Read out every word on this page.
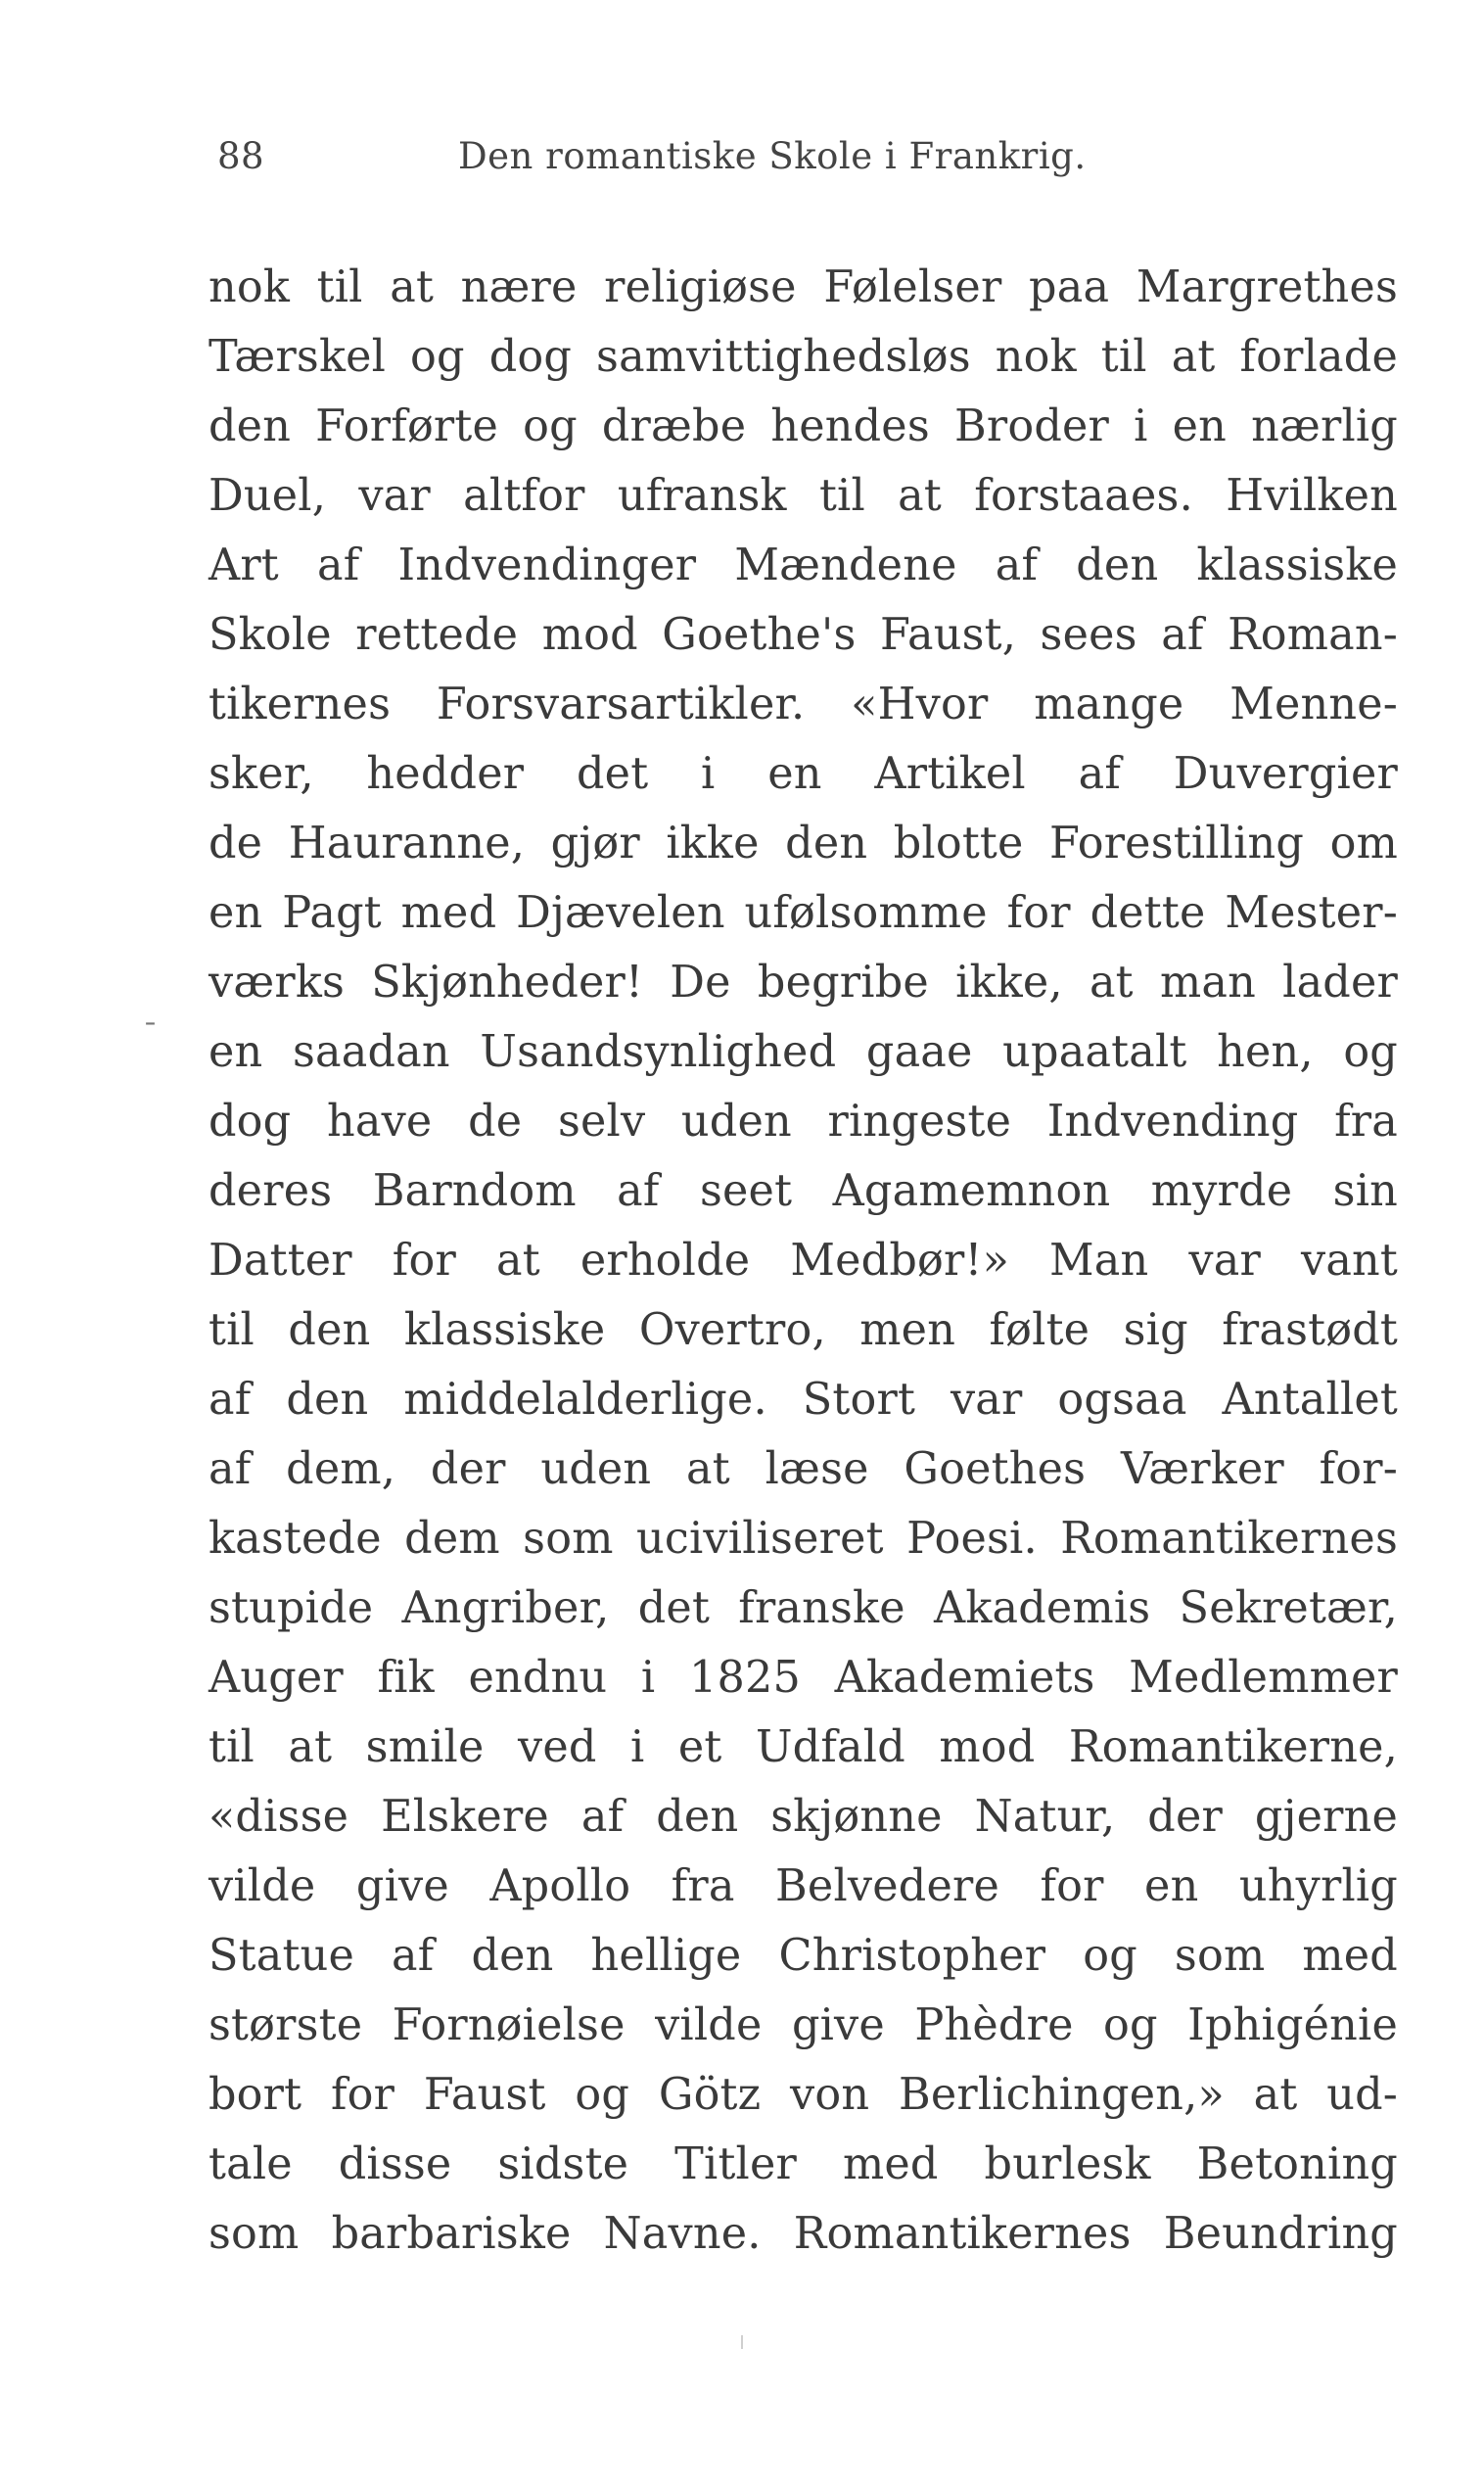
88	Den romantiske Skole i Frankrig.
ˍ
nok til at nære religiøse Følelser paa Margrethes
Tærskel og dog samvittighedsløs nok til at forlade
den Forførte og dræbe hendes Broder i en nærlig
Duel, var altfor ufransk til at forstaaes. Hvilken
Art af Indvendinger Mændene af den klassiske
Skole rettede mod Goethe's Faust, sees af Roman-
tikernes Forsvarsartikler. «Hvor mange Menne-
sker, hedder det i en Artikel af Duvergier
de Hauranne, gjør ikke den blotte Forestilling om
en Pagt med Djævelen ufølsomme for dette Mester-
værks Skjønheder! De begribe ikke, at man lader
en saadan Usandsynlighed gaae upaatalt hen, og
dog have de selv uden ringeste Indvending fra
deres Barndom af seet Agamemnon myrde sin
Datter for at erholde Medbør!» Man var vant
til den klassiske Overtro, men følte sig frastødt
af den middelalderlige. Stort var ogsaa Antallet
af dem, der uden at læse Goethes Værker for-
kastede dem som uciviliseret Poesi. Romantikernes
stupide Angriber, det franske Akademis Sekretær,
Auger fik endnu i 1825 Akademiets Medlemmer
til at smile ved i et Udfald mod Romantikerne,
«disse Elskere af den skjønne Natur, der gjerne
vilde give Apollo fra Belvedere for en uhyrlig
Statue af den hellige Christopher og som med
største Fornøielse vilde give Phèdre og Iphigénie
bort for Faust og Götz von Berlichingen,» at ud-
tale disse sidste Titler med burlesk Betoning
som barbariske Navne. Romantikernes Beundring
